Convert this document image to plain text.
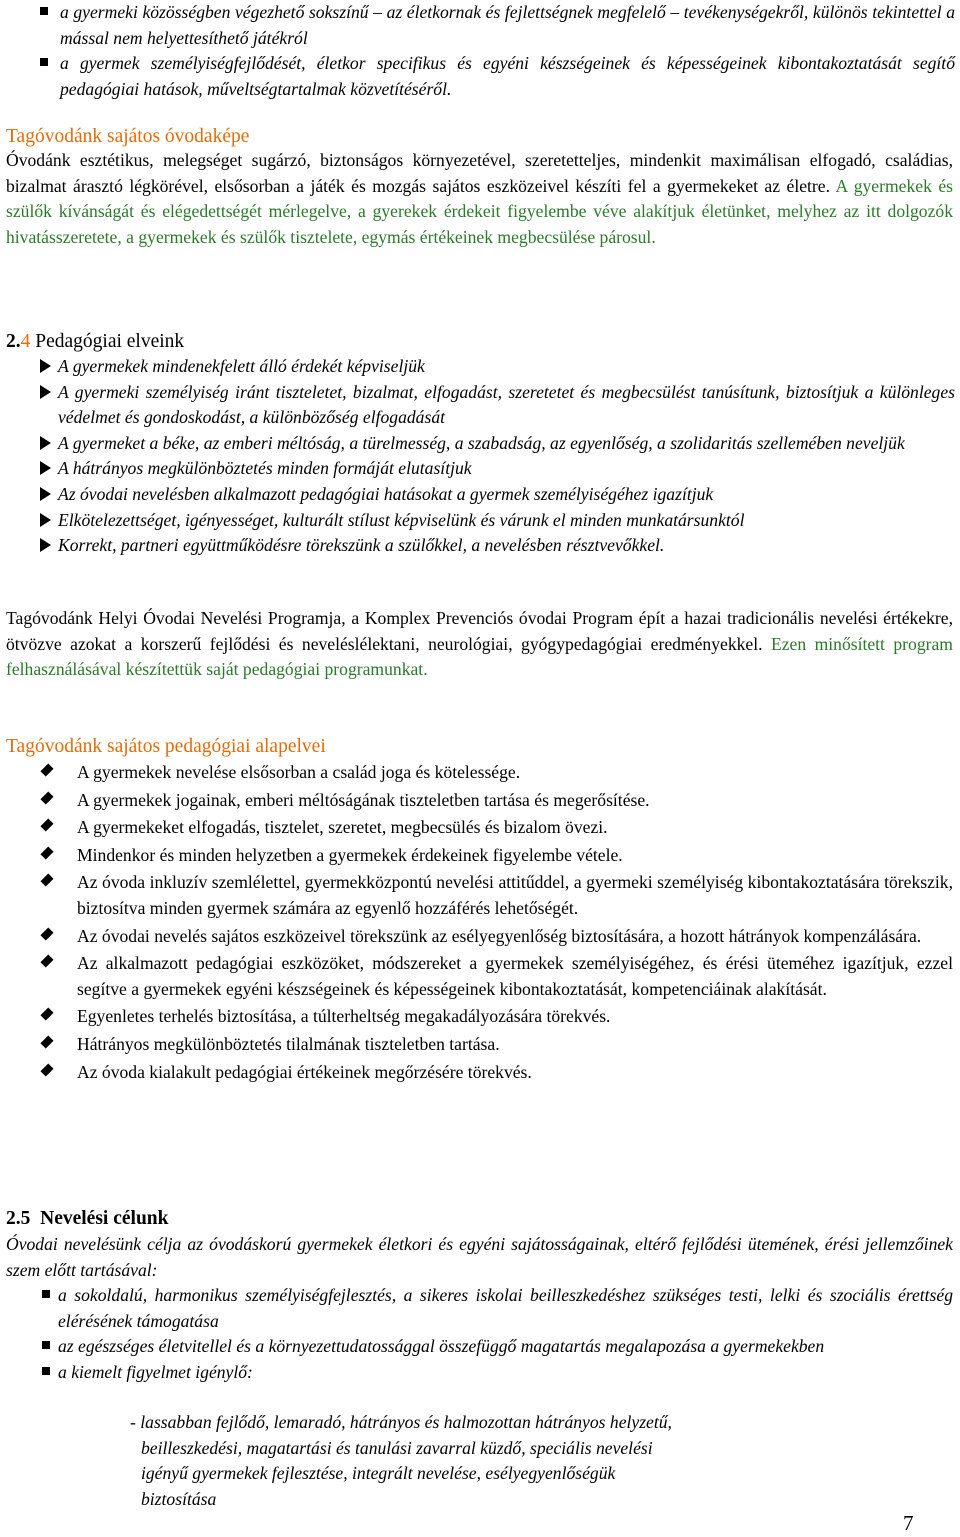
a gyermeki közösségben végezhető sokszínű – az életkornak és fejlettségnek megfelelő – tevékenységekről, különös tekintettel a mással nem helyettesíthető játékról
a gyermek személyiségfejlődését, életkor specifikus és egyéni készségeinek és képességeinek kibontakoztatását segítő pedagógiai hatások, műveltségtartalmak közvetítéséről.
Tagóvodánk sajátos óvodaképe

Óvodánk esztétikus, melegséget sugárzó, biztonságos környezetével, szeretetteljes, mindenkit maximálisan elfogadó, családias, bizalmat árasztó légkörével, elsősorban a játék és mozgás sajátos eszközeivel készíti fel a gyermekeket az életre. A gyermekek és szülők kívánságát és elégedettségét mérlegelve, a gyerekek érdekeit figyelembe véve alakítjuk életünket, melyhez az itt dolgozók hivatásszeretete, a gyermekek és szülők tisztelete, egymás értékeinek megbecsülése párosul.

2.4 Pedagógiai elveink
A gyermekek mindenekfelett álló érdekét képviseljük
A gyermeki személyiség iránt tiszteletet, bizalmat, elfogadást, szeretetet és megbecsülést tanúsítunk, biztosítjuk a különleges védelmet és gondoskodást, a különbözőség elfogadását
A gyermeket a béke, az emberi méltóság, a türelmesség, a szabadság, az egyenlőség, a szolidaritás szellemében neveljük
A hátrányos megkülönböztetés minden formáját elutasítjuk
Az óvodai nevelésben alkalmazott pedagógiai hatásokat a gyermek személyiségéhez igazítjuk
Elkötelezettséget, igényességet, kulturált stílust képviselünk és várunk el minden munkatársunktól
Korrekt, partneri együttműködésre törekszünk a szülőkkel, a nevelésben résztvevőkkel.

Tagóvodánk Helyi Óvodai Nevelési Programja, a Komplex Prevenciós óvodai Program épít a hazai tradicionális nevelési értékekre, ötvözve azokat a korszerű fejlődési és neveléslélektani, neurológiai, gyógypedagógiai eredményekkel. Ezen minősített program felhasználásával készítettük saját pedagógiai programunkat.

Tagóvodánk sajátos pedagógiai alapelvei
A gyermekek nevelése elsősorban a család joga és kötelessége.
A gyermekek jogainak, emberi méltóságának tiszteletben tartása és megerősítése.
A gyermekeket elfogadás, tisztelet, szeretet, megbecsülés és bizalom övezi.
Mindenkor és minden helyzetben a gyermekek érdekeinek figyelembe vétele.
Az óvoda inkluzív szemlélettel, gyermekközpontú nevelési attitűddel, a gyermeki személyiség kibontakoztatására törekszik, biztosítva minden gyermek számára az egyenlő hozzáférés lehetőségét.
Az óvodai nevelés sajátos eszközeivel törekszünk az esélyegyenlőség biztosítására, a hozott hátrányok kompenzálására.
Az alkalmazott pedagógiai eszközöket, módszereket a gyermekek személyiségéhez, és érési üteméhez igazítjuk, ezzel segítve a gyermekek egyéni készségeinek és képességeinek kibontakoztatását, kompetenciáinak alakítását.
Egyenletes terhelés biztosítása, a túlterheltség megakadályozására törekvés.
Hátrányos megkülönböztetés tilalmának tiszteletben tartása.
Az óvoda kialakult pedagógiai értékeinek megőrzésére törekvés.
2.5 Nevelési célunk

Óvodai nevelésünk célja az óvodáskorú gyermekek életkori és egyéni sajátosságainak, eltérő fejlődési ütemének, érési jellemzőinek szem előtt tartásával:

a sokoldalú, harmonikus személyiségfejlesztés, a sikeres iskolai beilleszkedéshez szükséges testi, lelki és szociális érettség elérésének támogatása
az egészséges életvitellel és a környezettudatossággal összefüggő magatartás megalapozása a gyermekekben
a kiemelt figyelmet igénylő:
- lassabban fejlődő, lemaradó, hátrányos és halmozottan hátrányos helyzetű,
beilleszkedési, magatartási és tanulási zavarral küzdő, speciális nevelési
igényű gyermekek fejlesztése, integrált nevelése, esélyegyenlőségük
biztosítása
7
